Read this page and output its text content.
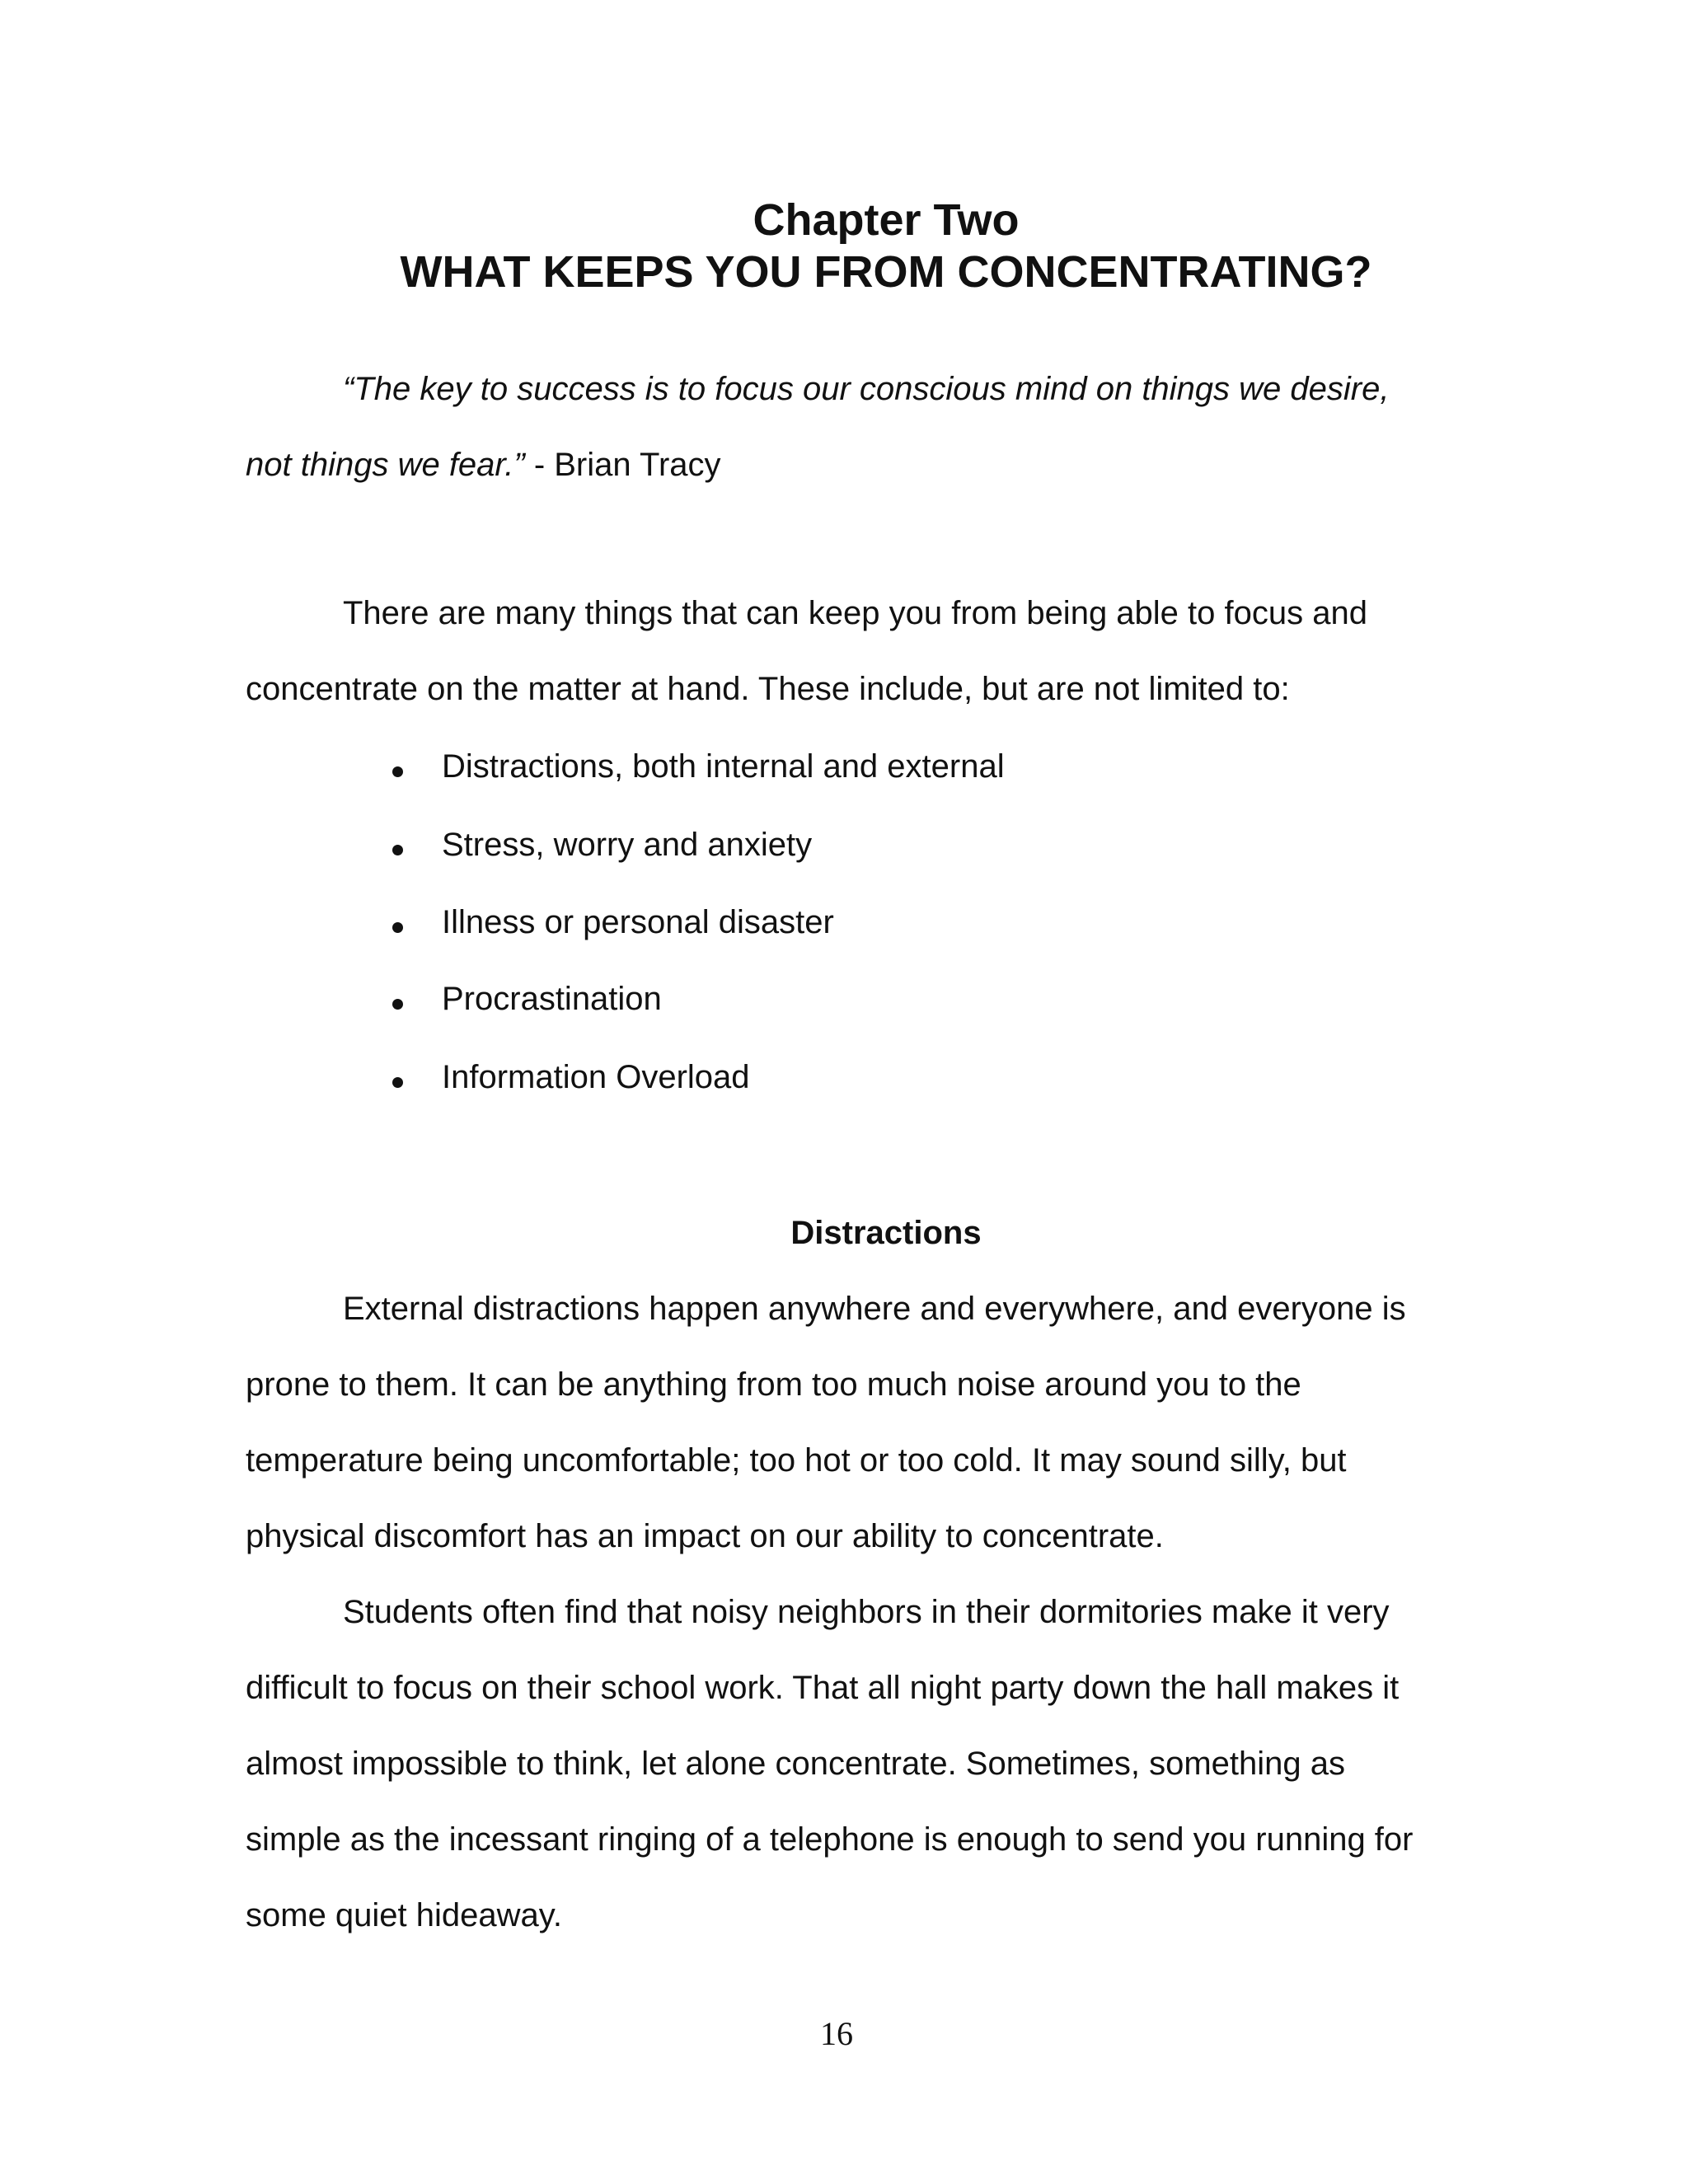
Chapter Two
WHAT KEEPS YOU FROM CONCENTRATING?
“The key to success is to focus our conscious mind on things we desire,
not things we fear.” - Brian Tracy
There are many things that can keep you from being able to focus and
concentrate on the matter at hand. These include, but are not limited to:
Distractions, both internal and external
Stress, worry and anxiety
Illness or personal disaster
Procrastination
Information Overload
Distractions
External distractions happen anywhere and everywhere, and everyone is
prone to them. It can be anything from too much noise around you to the
temperature being uncomfortable; too hot or too cold. It may sound silly, but
physical discomfort has an impact on our ability to concentrate.
Students often find that noisy neighbors in their dormitories make it very
difficult to focus on their school work. That all night party down the hall makes it
almost impossible to think, let alone concentrate. Sometimes, something as
simple as the incessant ringing of a telephone is enough to send you running for
some quiet hideaway.
16
